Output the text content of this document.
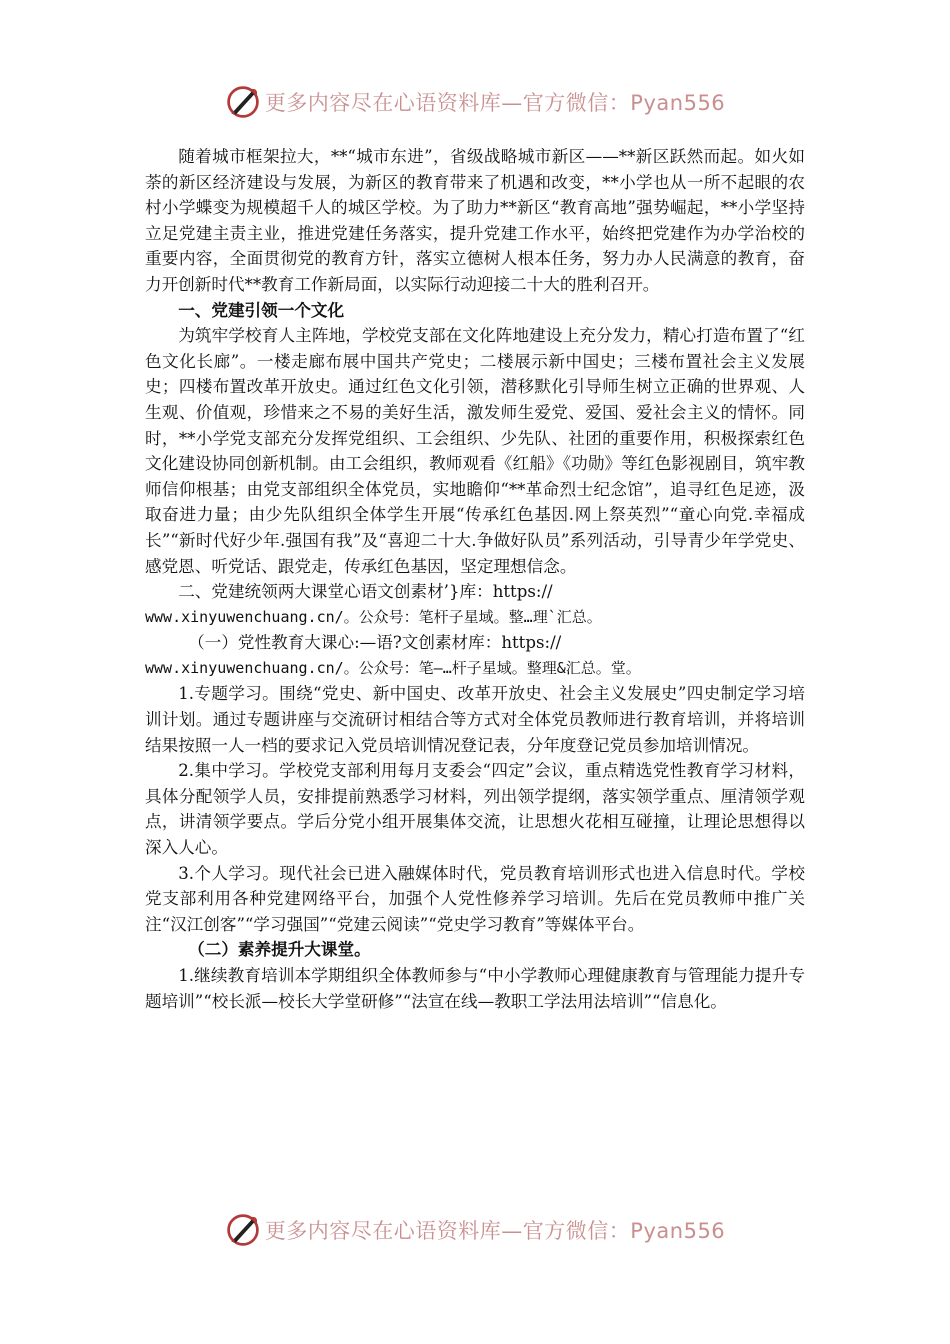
更多内容尽在心语资料库—官方微信：Pyan556

随着城市框架拉大，**“城市东进”，省级战略城市新区——**新区跃然而起。如火如荼的新区经济建设与发展，为新区的教育带来了机遇和改变，**小学也从一所不起眼的农村小学蝶变为规模超千人的城区学校。为了助力**新区“教育高地”强势崛起，**小学坚持立足党建主责主业，推进党建任务落实，提升党建工作水平，始终把党建作为办学治校的重要内容，全面贯彻党的教育方针，落实立德树人根本任务，努力办人民满意的教育，奋力开创新时代**教育工作新局面，以实际行动迎接二十大的胜利召开。

一、党建引领一个文化

为筑牢学校育人主阵地，学校党支部在文化阵地建设上充分发力，精心打造布置了“红色文化长廊”。一楼走廊布展中国共产党史；二楼展示新中国史；三楼布置社会主义发展史；四楼布置改革开放史。通过红色文化引领，潜移默化引导师生树立正确的世界观、人生观、价值观，珍惜来之不易的美好生活，激发师生爱党、爱国、爱社会主义的情怀。同时，**小学党支部充分发挥党组织、工会组织、少先队、社团的重要作用，积极探索红色文化建设协同创新机制。由工会组织，教师观看《红船》《功勋》等红色影视剧目，筑牢教师信仰根基；由党支部组织全体党员，实地瞻仰“**革命烈士纪念馆”，追寻红色足迹，汲取奋进力量；由少先队组织全体学生开展“传承红色基因.网上祭英烈”“童心向党.幸福成长”“新时代好少年.强国有我”及“喜迎二十大.争做好队员”系列活动，引导青少年学党史、感党恩、听党话、跟党走，传承红色基因，坚定理想信念。

二、党建统领两大课堂心语文创素材’}库：https://

www.xinyuwenchuang.cn/。公众号：笔杆子星域。整…理`汇总。

（一）党性教育大课心:—语?文创素材库：https://

www.xinyuwenchuang.cn/。公众号：笔—…杆子星域。整理&汇总。堂。

1.专题学习。围绕“党史、新中国史、改革开放史、社会主义发展史”四史制定学习培训计划。通过专题讲座与交流研讨相结合等方式对全体党员教师进行教育培训，并将培训结果按照一人一档的要求记入党员培训情况登记表，分年度登记党员参加培训情况。

2.集中学习。学校党支部利用每月支委会“四定”会议，重点精选党性教育学习材料，具体分配领学人员，安排提前熟悉学习材料，列出领学提纲，落实领学重点、厘清领学观点，讲清领学要点。学后分党小组开展集体交流，让思想火花相互碰撞，让理论思想得以深入人心。

3.个人学习。现代社会已进入融媒体时代，党员教育培训形式也进入信息时代。学校党支部利用各种党建网络平台，加强个人党性修养学习培训。先后在党员教师中推广关注“汉江创客”“学习强国”“党建云阅读”“党史学习教育”等媒体平台。

（二）素养提升大课堂。

1.继续教育培训本学期组织全体教师参与“中小学教师心理健康教育与管理能力提升专题培训”“校长派—校长大学堂研修”“法宣在线—教职工学法用法培训”“信息化。

更多内容尽在心语资料库—官方微信：Pyan556
